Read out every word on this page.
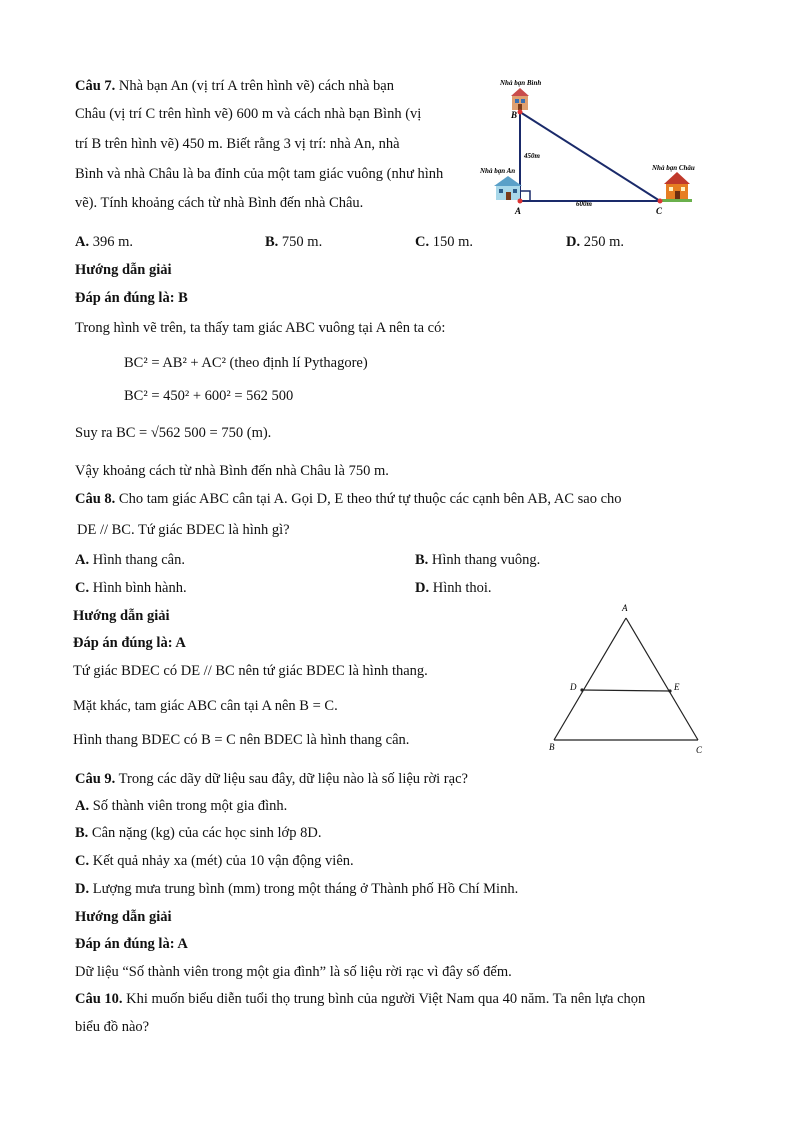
Câu 7. Nhà bạn An (vị trí A trên hình vẽ) cách nhà bạn
Châu (vị trí C trên hình vẽ) 600 m và cách nhà bạn Bình (vị
trí B trên hình vẽ) 450 m. Biết rằng 3 vị trí: nhà An, nhà
Bình và nhà Châu là ba đỉnh của một tam giác vuông (như hình
vẽ). Tính khoảng cách từ nhà Bình đến nhà Châu.
Nhà bạn Bình
Nhà bạn An	Nhà bạn Châu
450m
600m
B
A	C
A. 396 m.	B. 750 m.	C. 150 m.	D. 250 m.
Hướng dẫn giải
Đáp án đúng là: B
Trong hình vẽ trên, ta thấy tam giác ABC vuông tại A nên ta có:
BC² = AB² + AC² (theo định lí Pythagore)
BC² = 450² + 600² = 562 500
Suy ra BC = √562 500 = 750 (m).
Vậy khoảng cách từ nhà Bình đến nhà Châu là 750 m.
Câu 8. Cho tam giác ABC cân tại A. Gọi D, E theo thứ tự thuộc các cạnh bên AB, AC sao cho
DE // BC. Tứ giác BDEC là hình gì?
A. Hình thang cân.	B. Hình thang vuông.
C. Hình bình hành.	D. Hình thoi.
Hướng dẫn giải
Đáp án đúng là: A
Tứ giác BDEC có DE // BC nên tứ giác BDEC là hình thang.
Mặt khác, tam giác ABC cân tại A nên B = C.
Hình thang BDEC có B = C nên BDEC là hình thang cân.
A
D	E
B	C
Câu 9. Trong các dãy dữ liệu sau đây, dữ liệu nào là số liệu rời rạc?
A. Số thành viên trong một gia đình.
B. Cân nặng (kg) của các học sinh lớp 8D.
C. Kết quả nhảy xa (mét) của 10 vận động viên.
D. Lượng mưa trung bình (mm) trong một tháng ở Thành phố Hồ Chí Minh.
Hướng dẫn giải
Đáp án đúng là: A
Dữ liệu “Số thành viên trong một gia đình” là số liệu rời rạc vì đây số đếm.
Câu 10. Khi muốn biểu diễn tuổi thọ trung bình của người Việt Nam qua 40 năm. Ta nên lựa chọn
biểu đồ nào?
